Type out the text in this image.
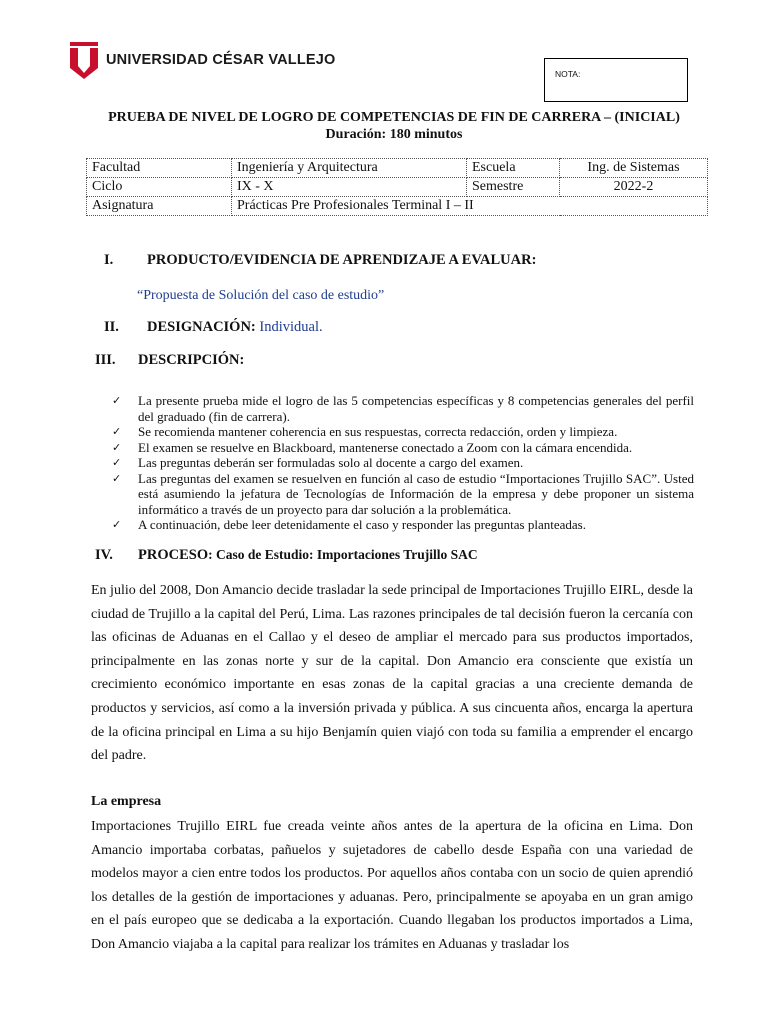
UNIVERSIDAD CÉSAR VALLEJO
NOTA:
PRUEBA DE NIVEL DE LOGRO DE COMPETENCIAS DE FIN DE CARRERA – (INICIAL)
Duración: 180 minutos
Facultad	Ingeniería y Arquitectura	Escuela	Ing. de Sistemas
Ciclo	IX - X	Semestre	2022-2
Asignatura	Prácticas Pre Profesionales Terminal I – II		
I. PRODUCTO/EVIDENCIA DE APRENDIZAJE A EVALUAR:
“Propuesta de Solución del caso de estudio”
II. DESIGNACIÓN: Individual.
III. DESCRIPCIÓN:
✓ La presente prueba mide el logro de las 5 competencias específicas y 8 competencias generales del perfil del graduado (fin de carrera).
✓ Se recomienda mantener coherencia en sus respuestas, correcta redacción, orden y limpieza.
✓ El examen se resuelve en Blackboard, mantenerse conectado a Zoom con la cámara encendida.
✓ Las preguntas deberán ser formuladas solo al docente a cargo del examen.
✓ Las preguntas del examen se resuelven en función al caso de estudio “Importaciones Trujillo SAC”. Usted está asumiendo la jefatura de Tecnologías de Información de la empresa y debe proponer un sistema informático a través de un proyecto para dar solución a la problemática.
✓ A continuación, debe leer detenidamente el caso y responder las preguntas planteadas.
IV. PROCESO: Caso de Estudio: Importaciones Trujillo SAC
En julio del 2008, Don Amancio decide trasladar la sede principal de Importaciones Trujillo EIRL, desde la ciudad de Trujillo a la capital del Perú, Lima. Las razones principales de tal decisión fueron la cercanía con las oficinas de Aduanas en el Callao y el deseo de ampliar el mercado para sus productos importados, principalmente en las zonas norte y sur de la capital. Don Amancio era consciente que existía un crecimiento económico importante en esas zonas de la capital gracias a una creciente demanda de productos y servicios, así como a la inversión privada y pública. A sus cincuenta años, encarga la apertura de la oficina principal en Lima a su hijo Benjamín quien viajó con toda su familia a emprender el encargo del padre.
La empresa
Importaciones Trujillo EIRL fue creada veinte años antes de la apertura de la oficina en Lima. Don Amancio importaba corbatas, pañuelos y sujetadores de cabello desde España con una variedad de modelos mayor a cien entre todos los productos. Por aquellos años contaba con un socio de quien aprendió los detalles de la gestión de importaciones y aduanas. Pero, principalmente se apoyaba en un gran amigo en el país europeo que se dedicaba a la exportación. Cuando llegaban los productos importados a Lima, Don Amancio viajaba a la capital para realizar los trámites en Aduanas y trasladar los
